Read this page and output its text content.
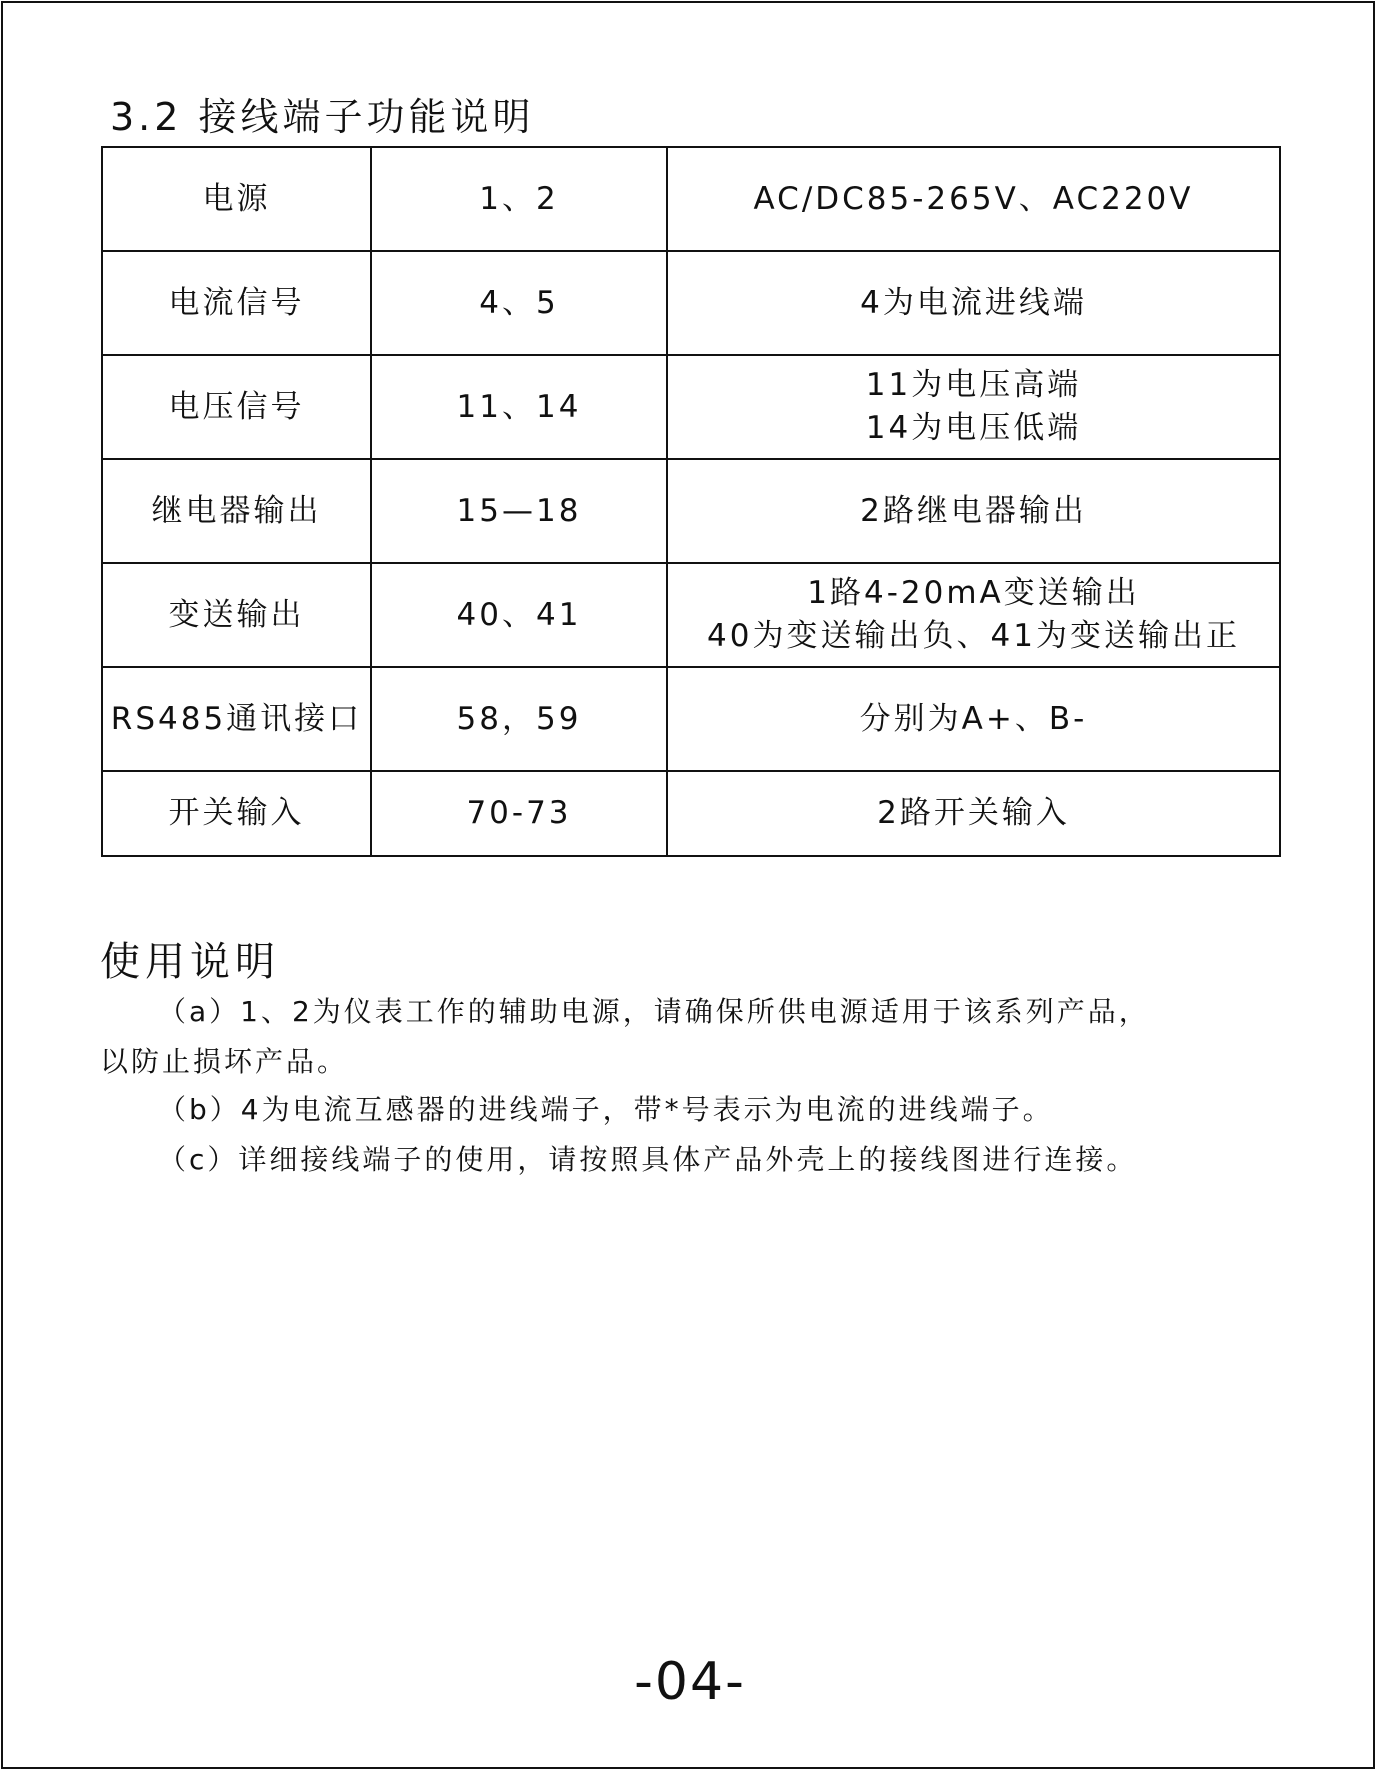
3.2 接线端子功能说明
电源	1、2	AC/DC85-265V、AC220V

电流信号	4、5	4为电流进线端

电压信号	11、14	11为电压高端
14为电压低端

继电器输出	15—18	2路继电器输出

变送输出	40、41	1路4-20mA变送输出
40为变送输出负、41为变送输出正

RS485通讯接口	58，59	分别为A+、B-

开关输入	70-73	2路开关输入
使用说明
（a）1、2为仪表工作的辅助电源，请确保所供电源适用于该系列产品，
以防止损坏产品。
（b）4为电流互感器的进线端子，带*号表示为电流的进线端子。
（c）详细接线端子的使用，请按照具体产品外壳上的接线图进行连接。
-04-
